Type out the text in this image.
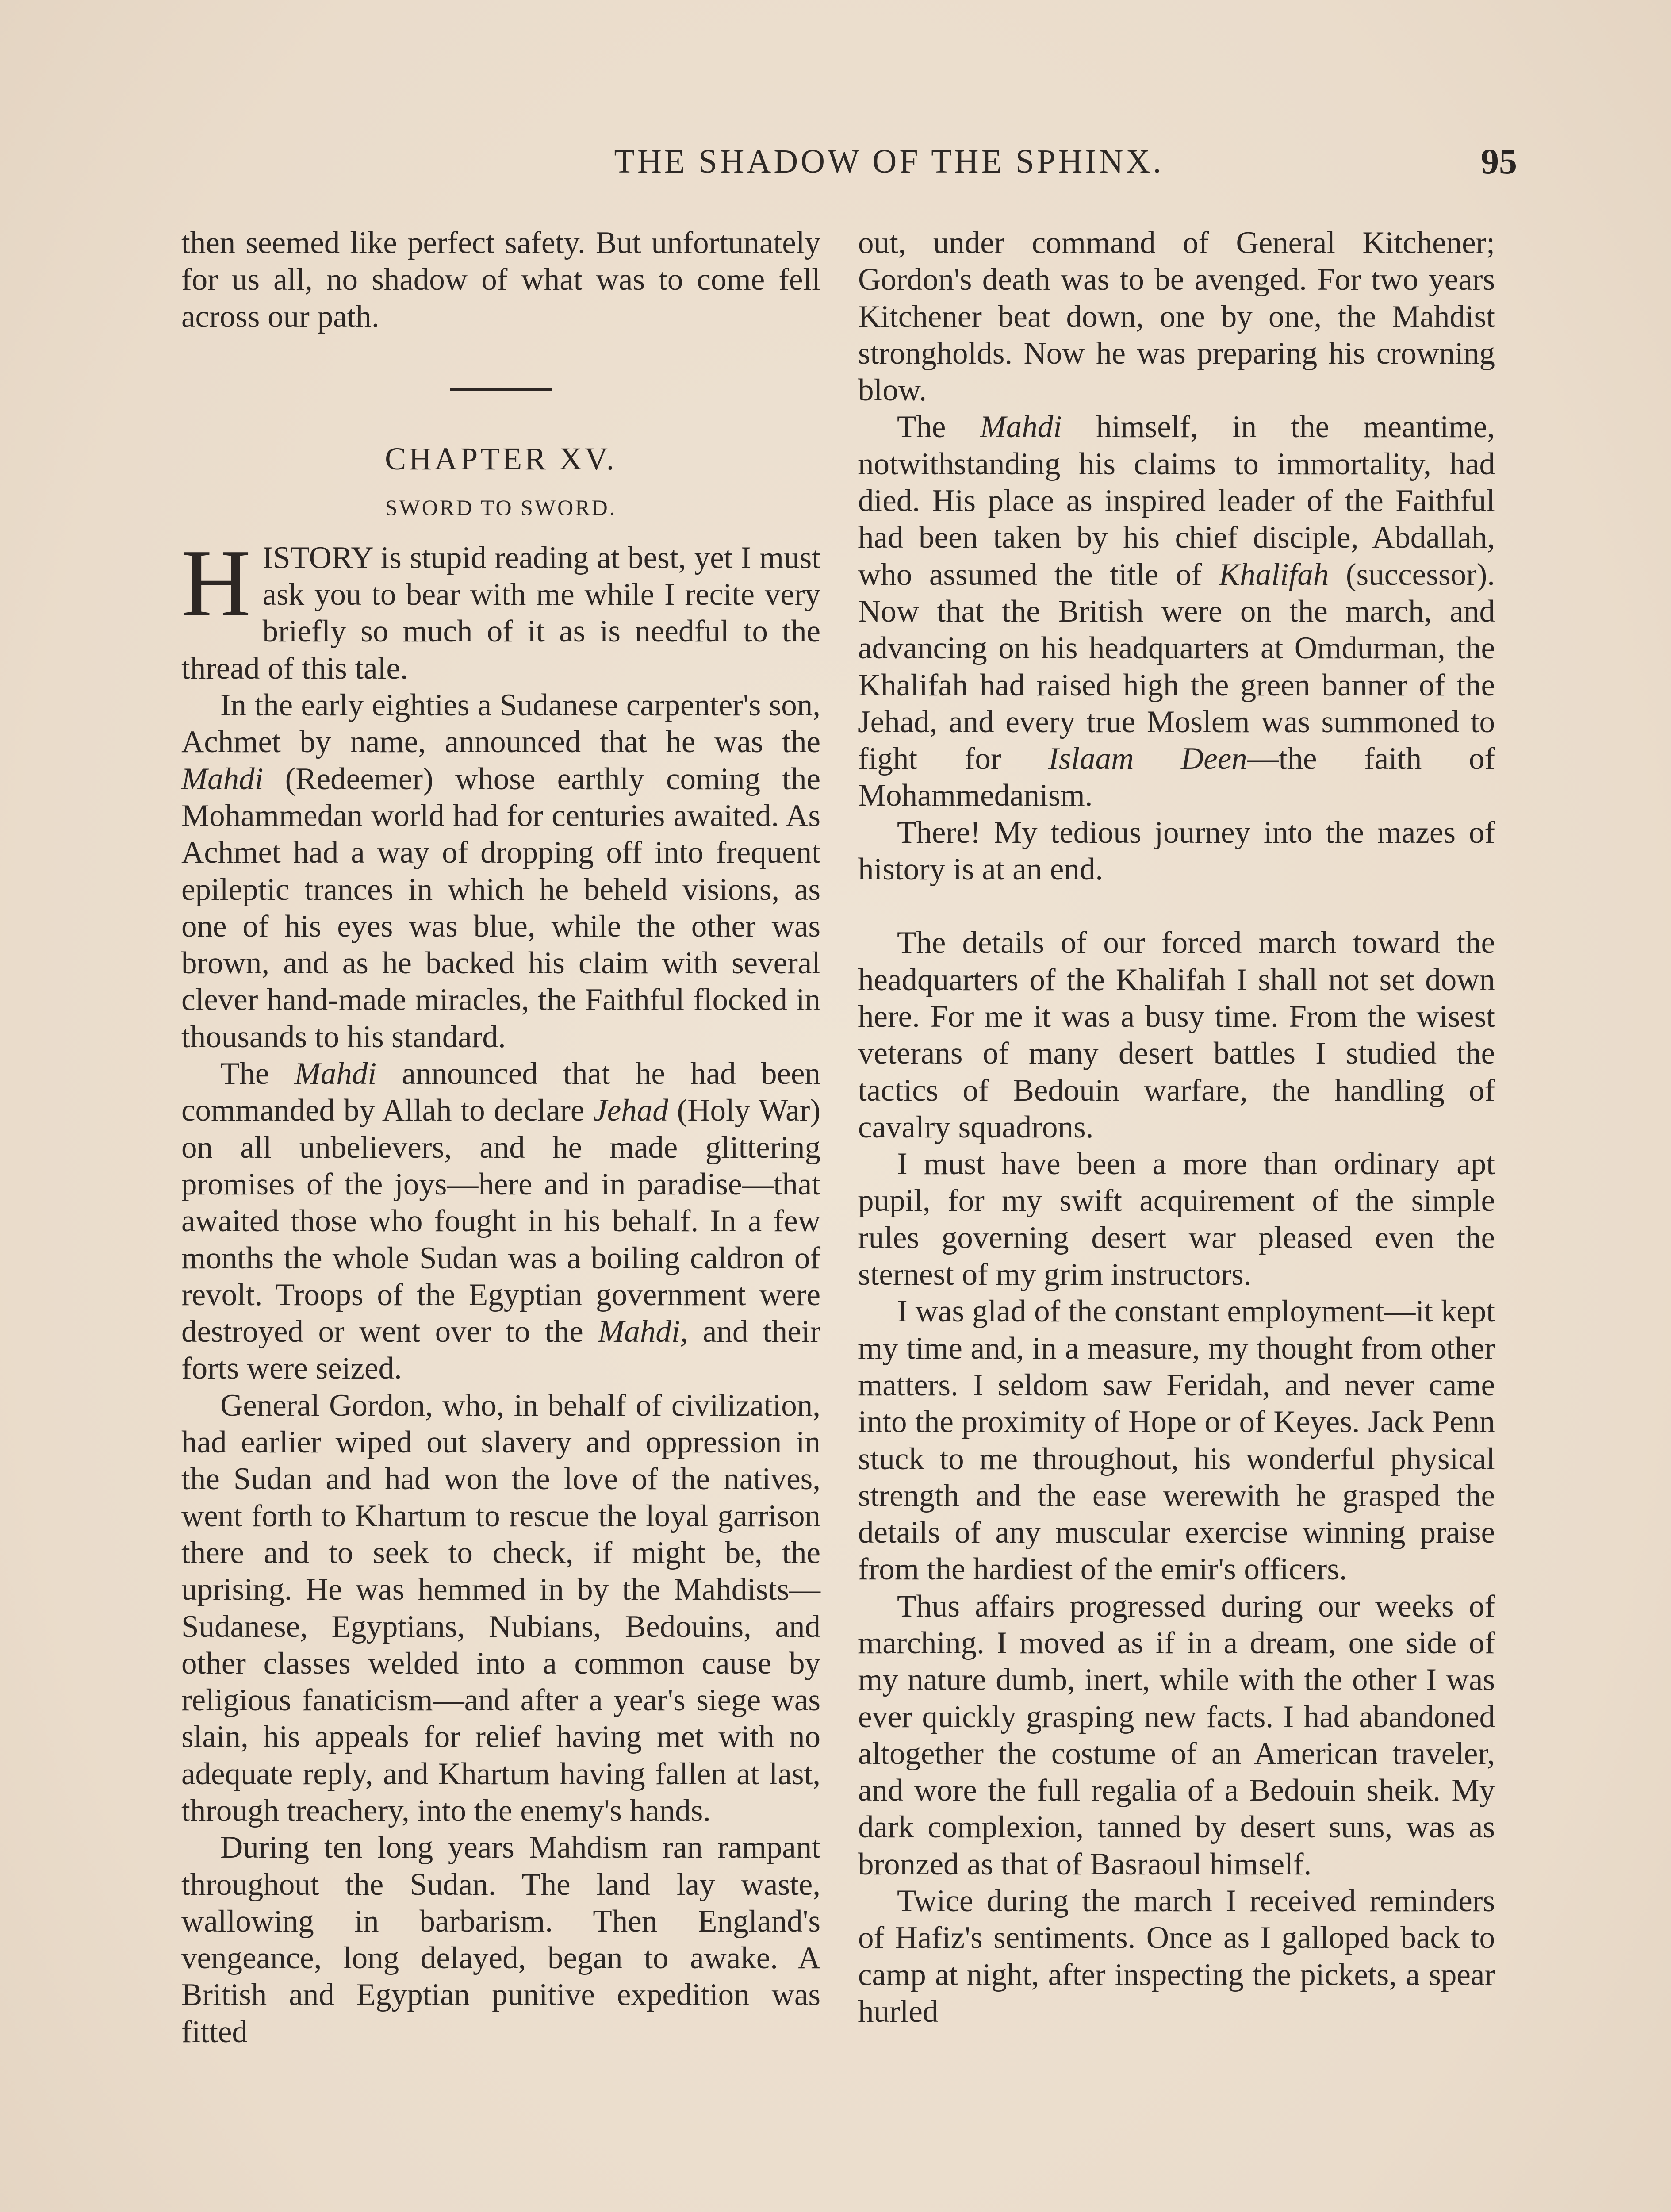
THE SHADOW OF THE SPHINX.	95

then seemed like perfect safety. But unfortunately for us all, no shadow of what was to come fell across our path.

CHAPTER XV.
SWORD TO SWORD.

HISTORY is stupid reading at best, yet I must ask you to bear with me while I recite very briefly so much of it as is needful to the thread of this tale.

In the early eighties a Sudanese carpenter's son, Achmet by name, announced that he was the Mahdi (Redeemer) whose earthly coming the Mohammedan world had for centuries awaited. As Achmet had a way of dropping off into frequent epileptic trances in which he beheld visions, as one of his eyes was blue, while the other was brown, and as he backed his claim with several clever hand-made miracles, the Faithful flocked in thousands to his standard.

The Mahdi announced that he had been commanded by Allah to declare Jehad (Holy War) on all unbelievers, and he made glittering promises of the joys—here and in paradise—that awaited those who fought in his behalf. In a few months the whole Sudan was a boiling caldron of revolt. Troops of the Egyptian government were destroyed or went over to the Mahdi, and their forts were seized.

General Gordon, who, in behalf of civilization, had earlier wiped out slavery and oppression in the Sudan and had won the love of the natives, went forth to Khartum to rescue the loyal garrison there and to seek to check, if might be, the uprising. He was hemmed in by the Mahdists—Sudanese, Egyptians, Nubians, Bedouins, and other classes welded into a common cause by religious fanaticism—and after a year's siege was slain, his appeals for relief having met with no adequate reply, and Khartum having fallen at last, through treachery, into the enemy's hands.

During ten long years Mahdism ran rampant throughout the Sudan. The land lay waste, wallowing in barbarism. Then England's vengeance, long delayed, began to awake. A British and Egyptian punitive expedition was fitted

out, under command of General Kitchener; Gordon's death was to be avenged. For two years Kitchener beat down, one by one, the Mahdist strongholds. Now he was preparing his crowning blow.

The Mahdi himself, in the meantime, notwithstanding his claims to immortality, had died. His place as inspired leader of the Faithful had been taken by his chief disciple, Abdallah, who assumed the title of Khalifah (successor). Now that the British were on the march, and advancing on his headquarters at Omdurman, the Khalifah had raised high the green banner of the Jehad, and every true Moslem was summoned to fight for Islaam Deen—the faith of Mohammedanism.

There! My tedious journey into the mazes of history is at an end.

The details of our forced march toward the headquarters of the Khalifah I shall not set down here. For me it was a busy time. From the wisest veterans of many desert battles I studied the tactics of Bedouin warfare, the handling of cavalry squadrons.

I must have been a more than ordinary apt pupil, for my swift acquirement of the simple rules governing desert war pleased even the sternest of my grim instructors.

I was glad of the constant employment—it kept my time and, in a measure, my thought from other matters. I seldom saw Feridah, and never came into the proximity of Hope or of Keyes. Jack Penn stuck to me throughout, his wonderful physical strength and the ease werewith he grasped the details of any muscular exercise winning praise from the hardiest of the emir's officers.

Thus affairs progressed during our weeks of marching. I moved as if in a dream, one side of my nature dumb, inert, while with the other I was ever quickly grasping new facts. I had abandoned altogether the costume of an American traveler, and wore the full regalia of a Bedouin sheik. My dark complexion, tanned by desert suns, was as bronzed as that of Basraoul himself.

Twice during the march I received reminders of Hafiz's sentiments. Once as I galloped back to camp at night, after inspecting the pickets, a spear hurled
